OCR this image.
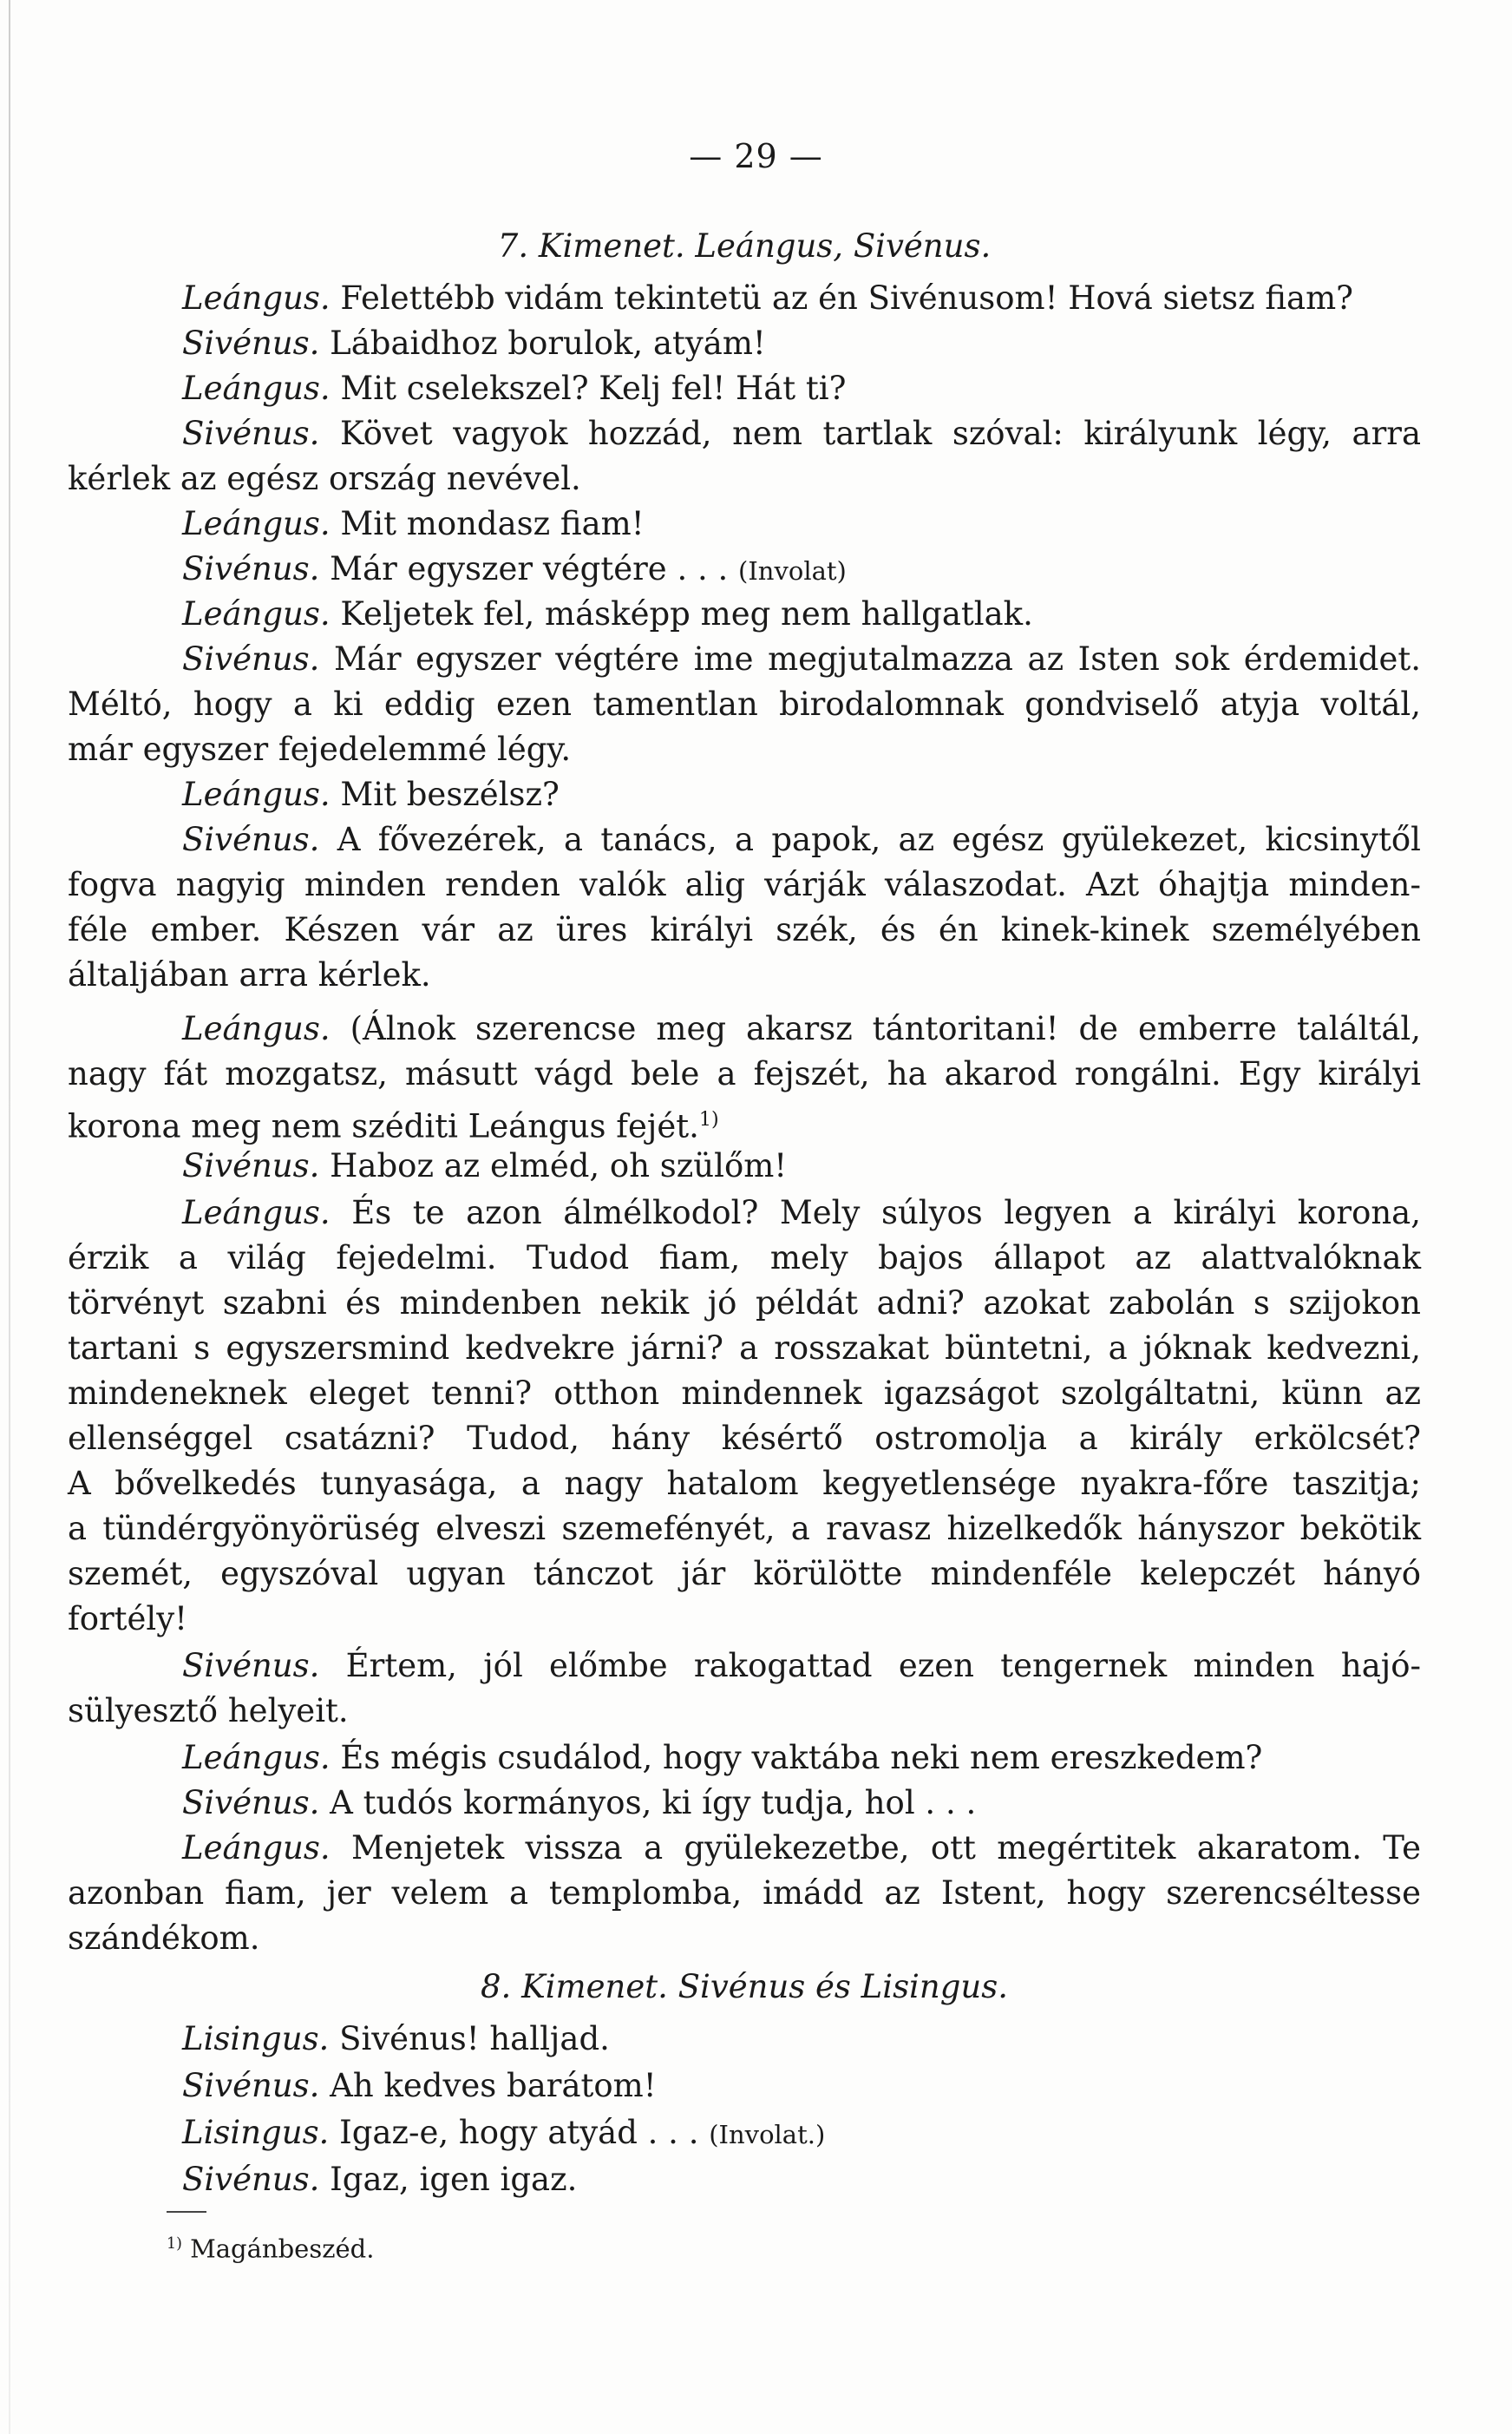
— 29 —
7. Kimenet. Leángus, Sivénus.
Leángus. Felettébb vidám tekintetü az én Sivénusom! Hová sietsz fiam?
Sivénus. Lábaidhoz borulok, atyám!
Leángus. Mit cselekszel? Kelj fel! Hát ti?
Sivénus. Követ vagyok hozzád, nem tartlak szóval: királyunk légy, arra
kérlek az egész ország nevével.
Leángus. Mit mondasz fiam!
Sivénus. Már egyszer végtére . . . (Involat)
Leángus. Keljetek fel, másképp meg nem hallgatlak.
Sivénus. Már egyszer végtére ime megjutalmazza az Isten sok érdemidet.
Méltó, hogy a ki eddig ezen tamentlan birodalomnak gondviselő atyja voltál,
már egyszer fejedelemmé légy.
Leángus. Mit beszélsz?
Sivénus. A fővezérek, a tanács, a papok, az egész gyülekezet, kicsinytől
fogva nagyig minden renden valók alig várják válaszodat. Azt óhajtja minden-
féle ember. Készen vár az üres királyi szék, és én kinek-kinek személyében
általjában arra kérlek.
Leángus. (Álnok szerencse meg akarsz tántoritani! de emberre találtál,
nagy fát mozgatsz, másutt vágd bele a fejszét, ha akarod rongálni. Egy királyi
korona meg nem széditi Leángus fejét.$^{1)}$
Sivénus. Haboz az elméd, oh szülőm!
Leángus. És te azon álmélkodol? Mely súlyos legyen a királyi korona,
érzik a világ fejedelmi. Tudod fiam, mely bajos állapot az alattvalóknak
törvényt szabni és mindenben nekik jó példát adni? azokat zabolán s szijokon
tartani s egyszersmind kedvekre járni? a rosszakat büntetni, a jóknak kedvezni,
mindeneknek eleget tenni? otthon mindennek igazságot szolgáltatni, künn az
ellenséggel csatázni? Tudod, hány késértő ostromolja a király erkölcsét?
A bővelkedés tunyasága, a nagy hatalom kegyetlensége nyakra-főre taszitja;
a tündérgyönyörüség elveszi szemefényét, a ravasz hizelkedők hányszor bekötik
szemét, egyszóval ugyan tánczot jár körülötte mindenféle kelepczét hányó
fortély!
Sivénus. Értem, jól előmbe rakogattad ezen tengernek minden hajó-
sülyesztő helyeit.
Leángus. És mégis csudálod, hogy vaktába neki nem ereszkedem?
Sivénus. A tudós kormányos, ki így tudja, hol . . .
Leángus. Menjetek vissza a gyülekezetbe, ott megértitek akaratom. Te
azonban fiam, jer velem a templomba, imádd az Istent, hogy szerencséltesse
szándékom.
8. Kimenet. Sivénus és Lisingus.
Lisingus. Sivénus! halljad.
Sivénus. Ah kedves barátom!
Lisingus. Igaz-e, hogy atyád . . . (Involat.)
Sivénus. Igaz, igen igaz.
$^{1)}$ Magánbeszéd.
